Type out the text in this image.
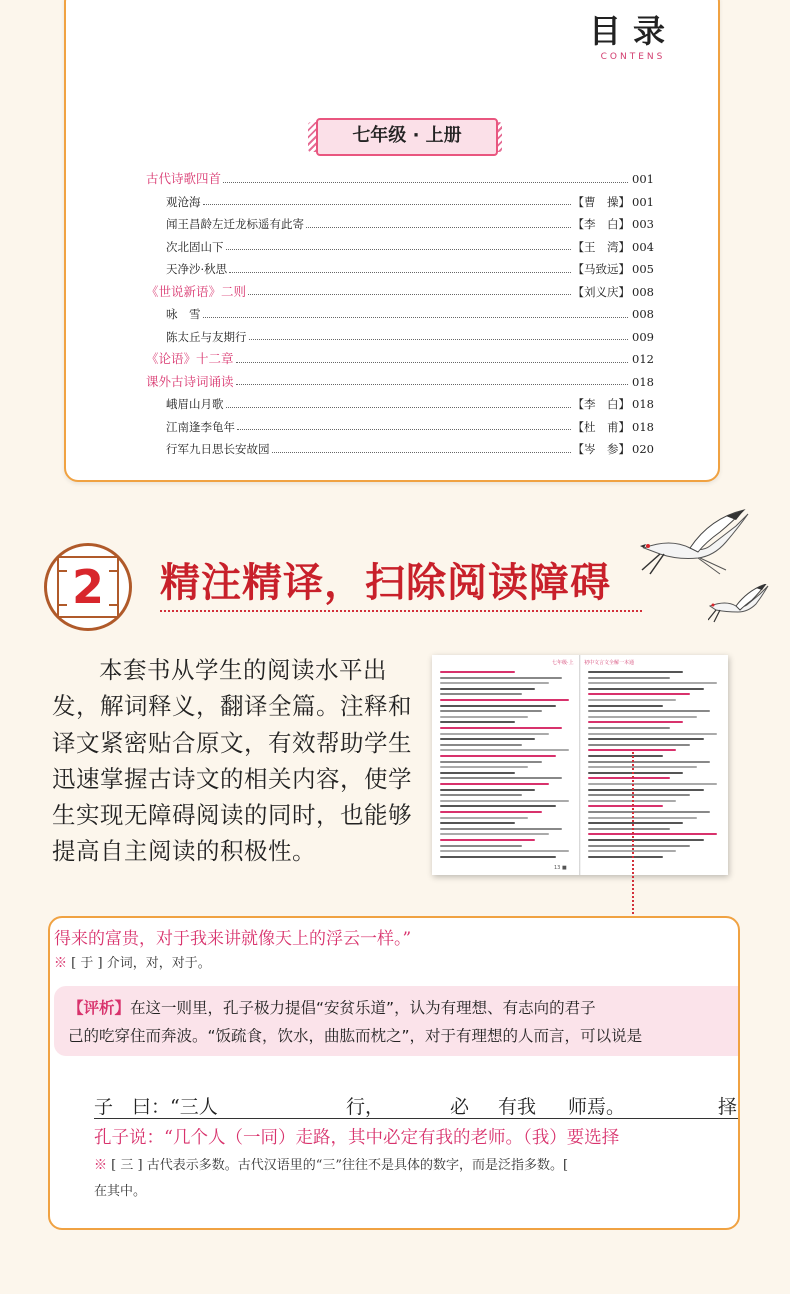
目录
CONTENS
七年级 · 上册
古代诗歌四首	001
观沧海	【曹　操】 001
闻王昌龄左迁龙标遥有此寄	【李　白】 003
次北固山下	【王　湾】 004
天净沙·秋思	【马致远】 005
《世说新语》二则	【刘义庆】 008
咏　雪	008
陈太丘与友期行	009
《论语》十二章	012
课外古诗词诵读	018
峨眉山月歌	【李　白】 018
江南逢李龟年	【杜　甫】 018
行军九日思长安故园	【岑　参】 020
2 精注精译，扫除阅读障碍
本套书从学生的阅读水平出发，解词释义，翻译全篇。注释和译文紧密贴合原文，有效帮助学生迅速掌握古诗文的相关内容，使学生实现无障碍阅读的同时，也能够提高自主阅读的积极性。
七年级·上 初中文言文全解一本通
13 ■
得来的富贵，对于我来讲就像天上的浮云一样。”
※ [ 于 ] 介词，对，对于。
【评析】在这一则里，孔子极力提倡“安贫乐道”，认为有理想、有志向的君子
己的吃穿住而奔波。“饭疏食，饮水，曲肱而枕之”，对于有理想的人而言，可以说是
子 曰：“三人	行，	必 有我 师焉。	择
孔子说：“几个人（一同）走路，其中必定有我的老师。（我）要选择
※ [ 三 ] 古代表示多数。古代汉语里的“三”往往不是具体的数字，而是泛指多数。[
在其中。
